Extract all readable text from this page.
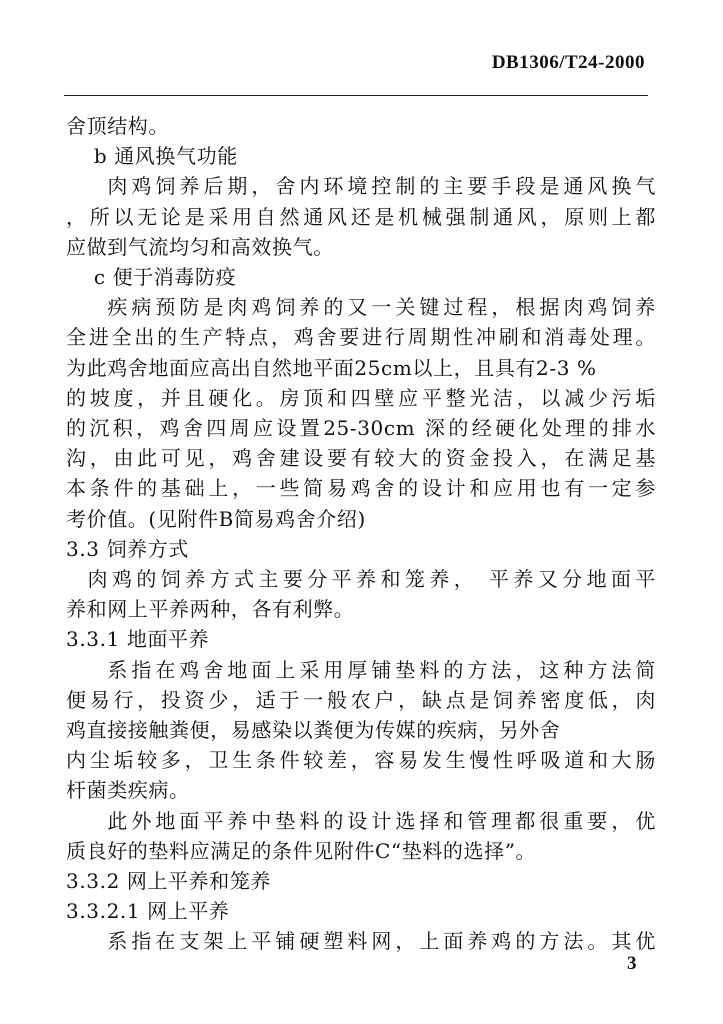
DB1306/T24-2000
舍顶结构。
b 通风换气功能
肉鸡饲养后期，舍内环境控制的主要手段是通风换气
，所以无论是采用自然通风还是机械强制通风，原则上都
应做到气流均匀和高效换气。
c 便于消毒防疫
疾病预防是肉鸡饲养的又一关键过程，根据肉鸡饲养
全进全出的生产特点，鸡舍要进行周期性冲刷和消毒处理。
为此鸡舍地面应高出自然地平面25cm以上，且具有2-3 %
的坡度，并且硬化。房顶和四壁应平整光洁，以减少污垢
的沉积，鸡舍四周应设置25-30cm 深的经硬化处理的排水
沟，由此可见，鸡舍建设要有较大的资金投入，在满足基
本条件的基础上，一些简易鸡舍的设计和应用也有一定参
考价值。(见附件B简易鸡舍介绍)
3.3 饲养方式
肉鸡的饲养方式主要分平养和笼养， 平养又分地面平
养和网上平养两种，各有利弊。
3.3.1 地面平养
系指在鸡舍地面上采用厚铺垫料的方法，这种方法简
便易行，投资少，适于一般农户，缺点是饲养密度低，肉
鸡直接接触粪便，易感染以粪便为传媒的疾病，另外舍
内尘垢较多，卫生条件较差，容易发生慢性呼吸道和大肠
杆菌类疾病。
此外地面平养中垫料的设计选择和管理都很重要，优
质良好的垫料应满足的条件见附件C“垫料的选择”。
3.3.2 网上平养和笼养
3.3.2.1 网上平养
系指在支架上平铺硬塑料网，上面养鸡的方法。其优
3
